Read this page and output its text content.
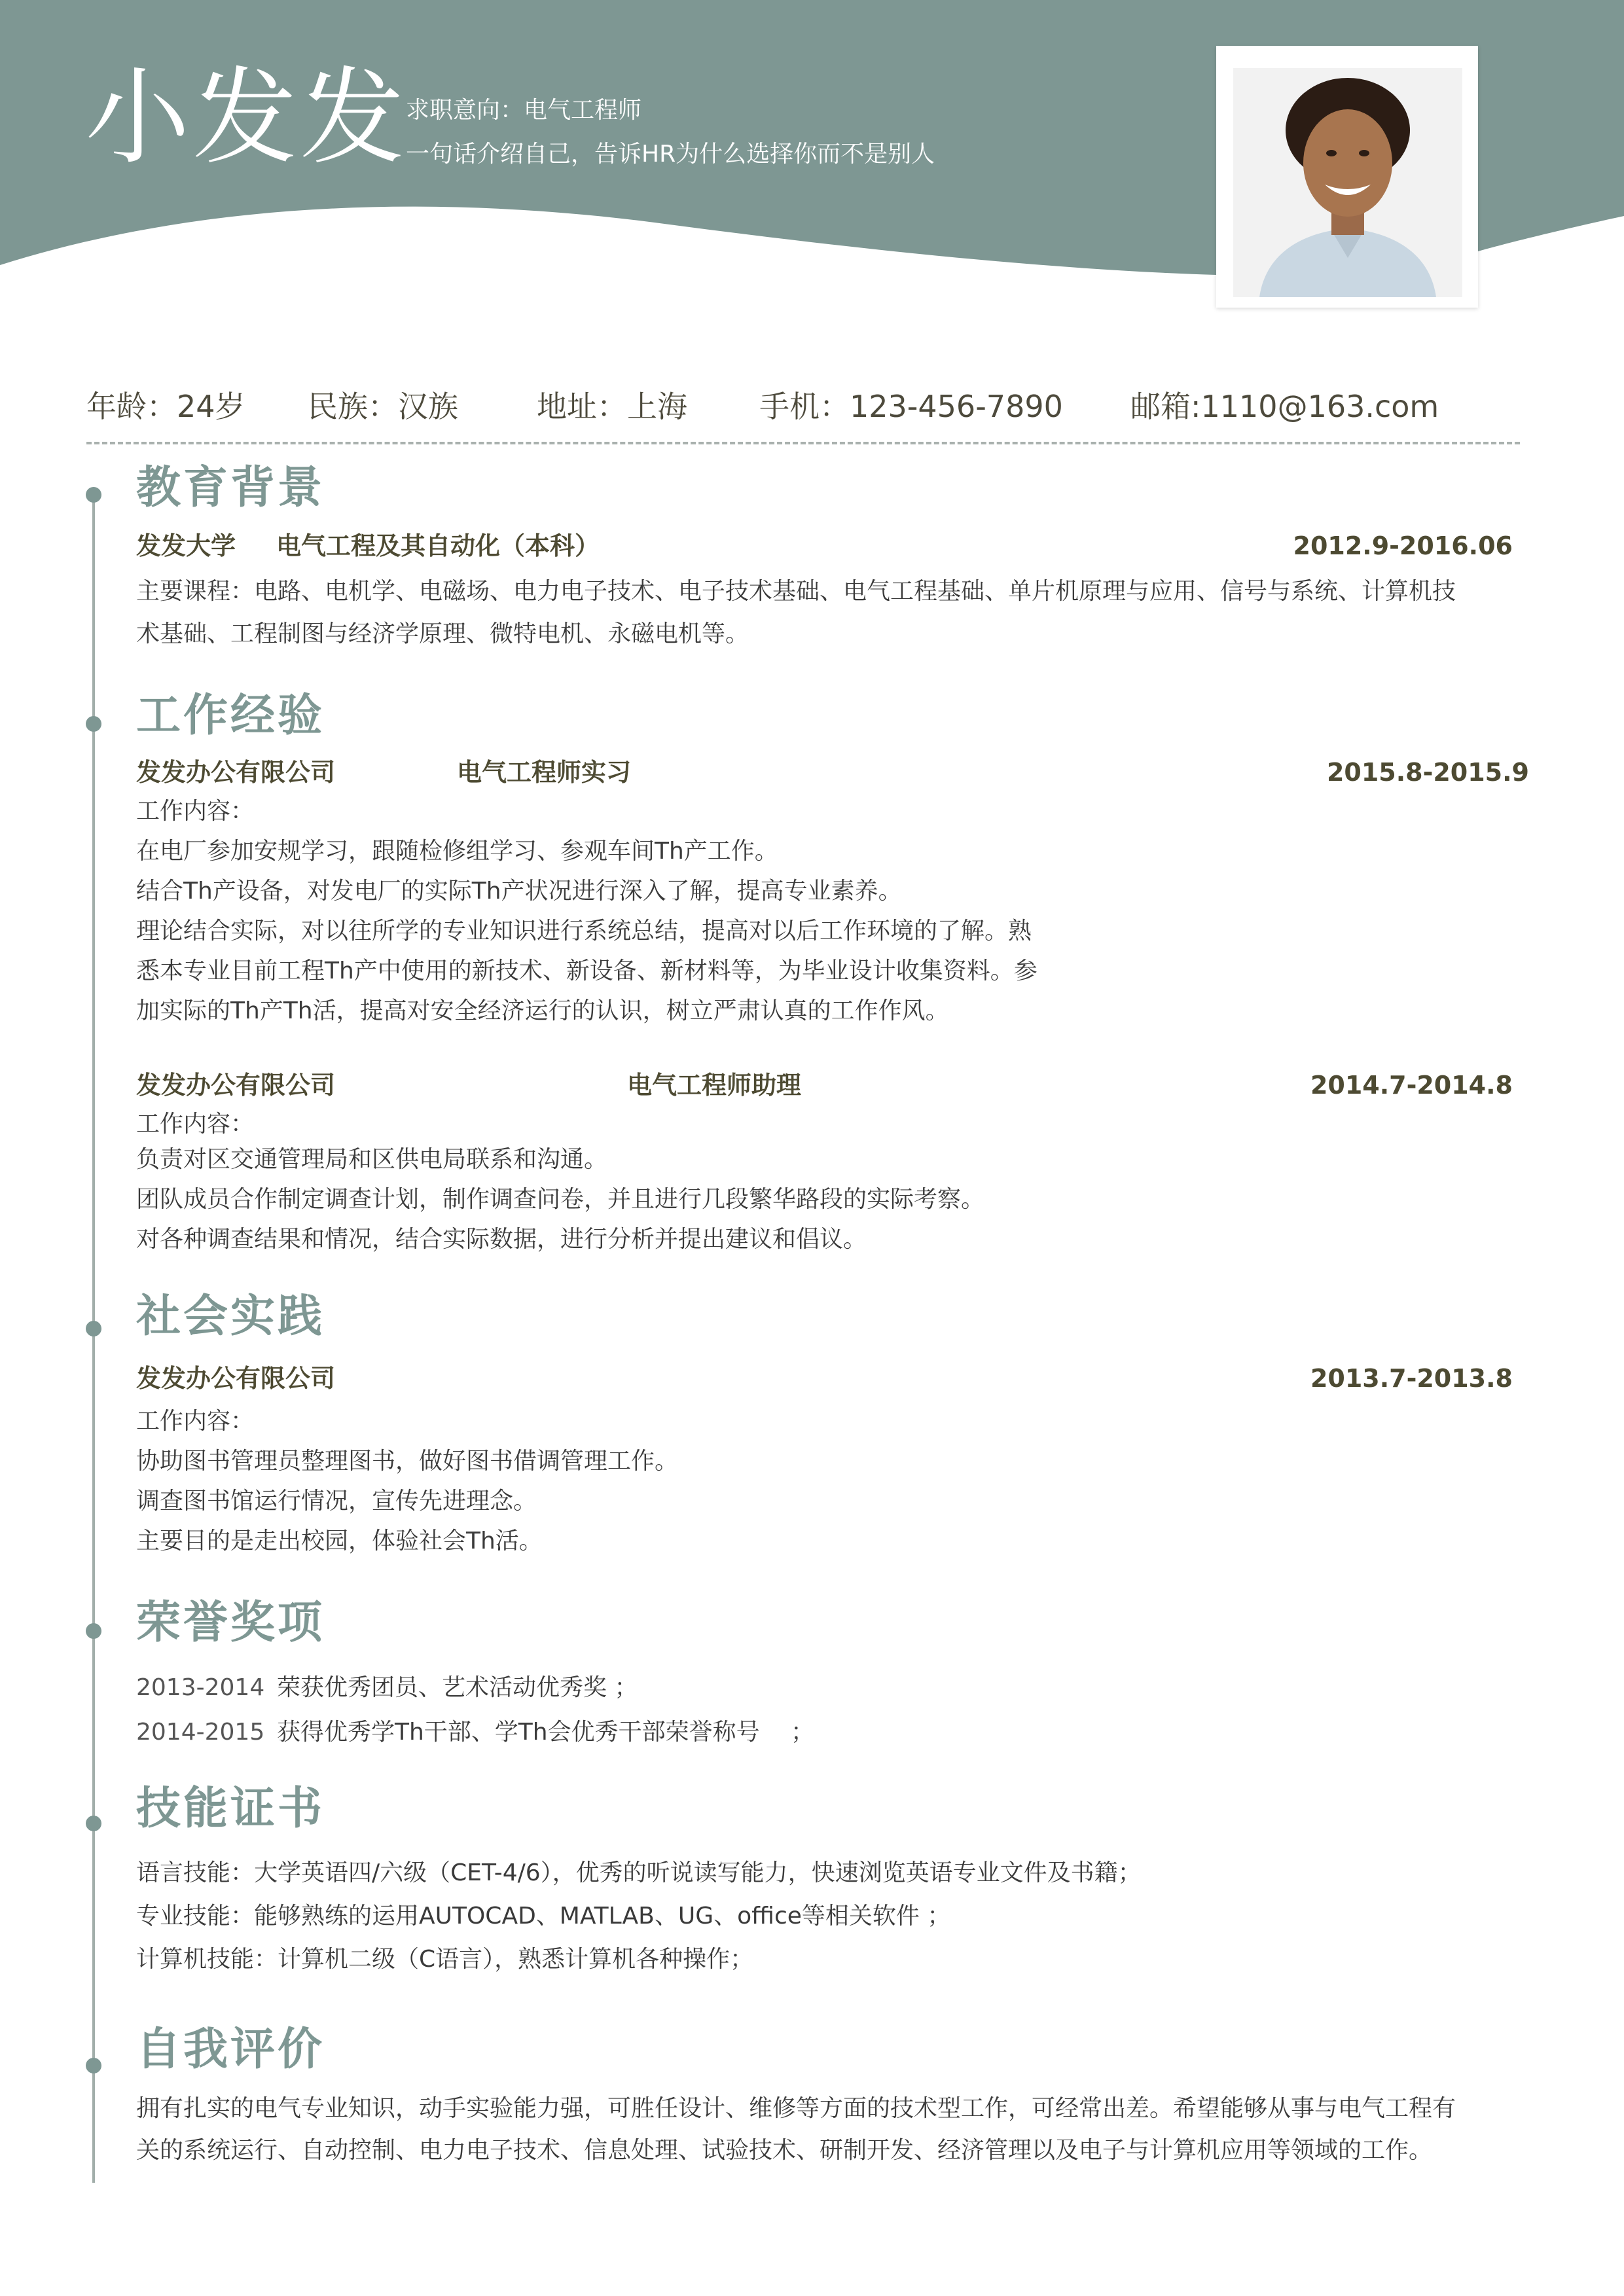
小发发
求职意向：电气工程师
一句话介绍自己，告诉HR为什么选择你而不是别人
年龄：24岁 民族：汉族	地址：上海 手机：123-456-7890 邮箱:1110@163.com
教育背景
发发大学 电气工程及其自动化（本科）	2012.9-2016.06
主要课程：电路、电机学、电磁场、电力电子技术、电子技术基础、电气工程基础、单片机原理与应用、信号与系统、计算机技
术基础、工程制图与经济学原理、微特电机、永磁电机等。
工作经验
发发办公有限公司	电气工程师实习	2015.8-2015.9
工作内容：
在电厂参加安规学习，跟随检修组学习、参观车间Th产工作。
结合Th产设备，对发电厂的实际Th产状况进行深入了解，提高专业素养。
理论结合实际，对以往所学的专业知识进行系统总结，提高对以后工作环境的了解。熟
悉本专业目前工程Th产中使用的新技术、新设备、新材料等，为毕业设计收集资料。参
加实际的Th产Th活，提高对安全经济运行的认识，树立严肃认真的工作作风。
发发办公有限公司	电气工程师助理	2014.7-2014.8
工作内容：
负责对区交通管理局和区供电局联系和沟通。
团队成员合作制定调查计划，制作调查问卷，并且进行几段繁华路段的实际考察。
对各种调查结果和情况，结合实际数据，进行分析并提出建议和倡议。
社会实践
发发办公有限公司	2013.7-2013.8
工作内容：
协助图书管理员整理图书，做好图书借调管理工作。
调查图书馆运行情况，宣传先进理念。
主要目的是走出校园，体验社会Th活。
荣誉奖项
2013-2014 荣获优秀团员、艺术活动优秀奖 ；
2014-2015 获得优秀学Th干部、学Th会优秀干部荣誉称号　 ；
技能证书
语言技能：大学英语四/六级（CET-4/6），优秀的听说读写能力，快速浏览英语专业文件及书籍；
专业技能：能够熟练的运用AUTOCAD、MATLAB、UG、office等相关软件 ；
计算机技能：计算机二级（C语言），熟悉计算机各种操作；
自我评价
拥有扎实的电气专业知识，动手实验能力强，可胜任设计、维修等方面的技术型工作，可经常出差。希望能够从事与电气工程有
关的系统运行、自动控制、电力电子技术、信息处理、试验技术、研制开发、经济管理以及电子与计算机应用等领域的工作。
